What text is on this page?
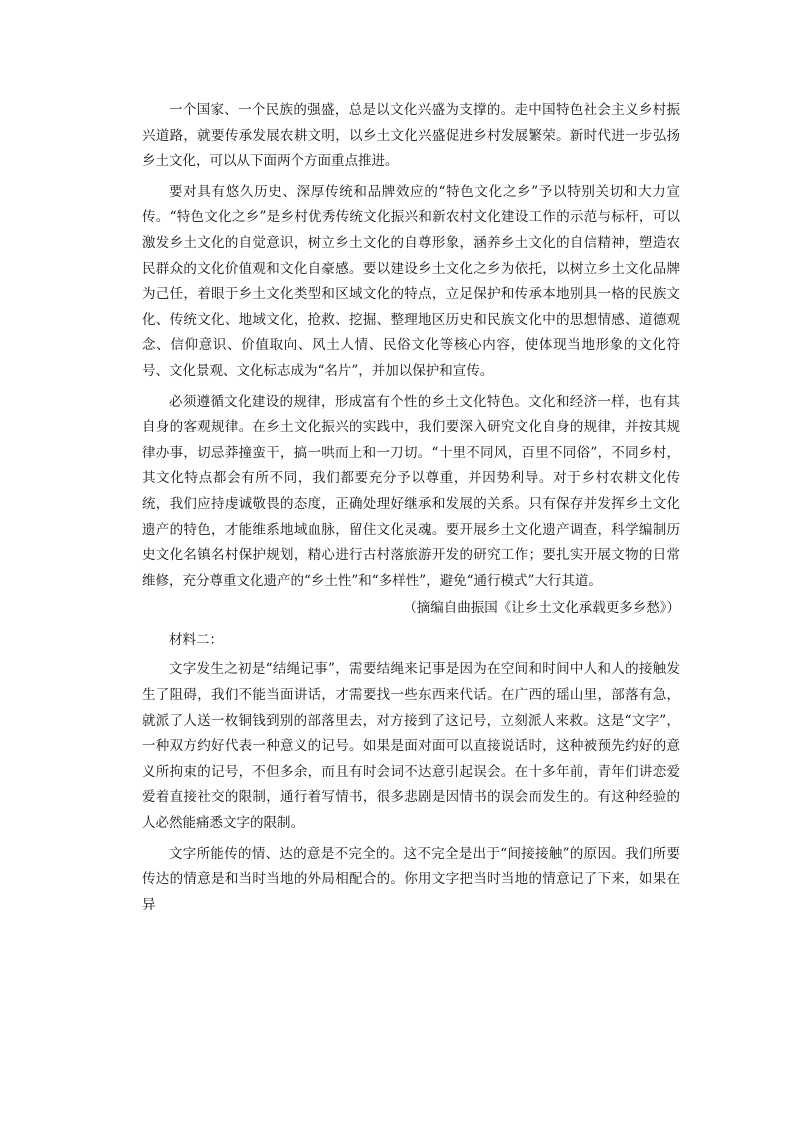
一个国家、一个民族的强盛，总是以文化兴盛为支撑的。走中国特色社会主义乡村振兴道路，就要传承发展农耕文明，以乡土文化兴盛促进乡村发展繁荣。新时代进一步弘扬乡土文化，可以从下面两个方面重点推进。

要对具有悠久历史、深厚传统和品牌效应的“特色文化之乡”予以特别关切和大力宣传。“特色文化之乡”是乡村优秀传统文化振兴和新农村文化建设工作的示范与标杆，可以激发乡土文化的自觉意识，树立乡土文化的自尊形象，涵养乡土文化的自信精神，塑造农民群众的文化价值观和文化自豪感。要以建设乡土文化之乡为依托，以树立乡土文化品牌为己任，着眼于乡土文化类型和区域文化的特点，立足保护和传承本地别具一格的民族文化、传统文化、地域文化，抢救、挖掘、整理地区历史和民族文化中的思想情感、道德观念、信仰意识、价值取向、风土人情、民俗文化等核心内容，使体现当地形象的文化符号、文化景观、文化标志成为“名片”，并加以保护和宣传。

必须遵循文化建设的规律，形成富有个性的乡土文化特色。文化和经济一样，也有其自身的客观规律。在乡土文化振兴的实践中，我们要深入研究文化自身的规律，并按其规律办事，切忌莽撞蛮干，搞一哄而上和一刀切。“十里不同风，百里不同俗”，不同乡村，其文化特点都会有所不同，我们都要充分予以尊重，并因势利导。对于乡村农耕文化传统，我们应持虔诚敬畏的态度，正确处理好继承和发展的关系。只有保存并发挥乡土文化遗产的特色，才能维系地域血脉，留住文化灵魂。要开展乡土文化遗产调查，科学编制历史文化名镇名村保护规划，精心进行古村落旅游开发的研究工作；要扎实开展文物的日常维修，充分尊重文化遗产的“乡土性”和“多样性”，避免“通行模式”大行其道。

（摘编自曲振国《让乡土文化承载更多乡愁》）

材料二：

文字发生之初是“结绳记事”，需要结绳来记事是因为在空间和时间中人和人的接触发生了阻碍，我们不能当面讲话，才需要找一些东西来代话。在广西的瑶山里，部落有急，就派了人送一枚铜钱到别的部落里去，对方接到了这记号，立刻派人来救。这是“文字”，一种双方约好代表一种意义的记号。如果是面对面可以直接说话时，这种被预先约好的意义所拘束的记号，不但多余，而且有时会词不达意引起误会。在十多年前，青年们讲恋爱爱着直接社交的限制，通行着写情书，很多悲剧是因情书的误会而发生的。有这种经验的人必然能痛悉文字的限制。

文字所能传的情、达的意是不完全的。这不完全是出于“间接接触”的原因。我们所要传达的情意是和当时当地的外局相配合的。你用文字把当时当地的情意记了下来，如果在异
